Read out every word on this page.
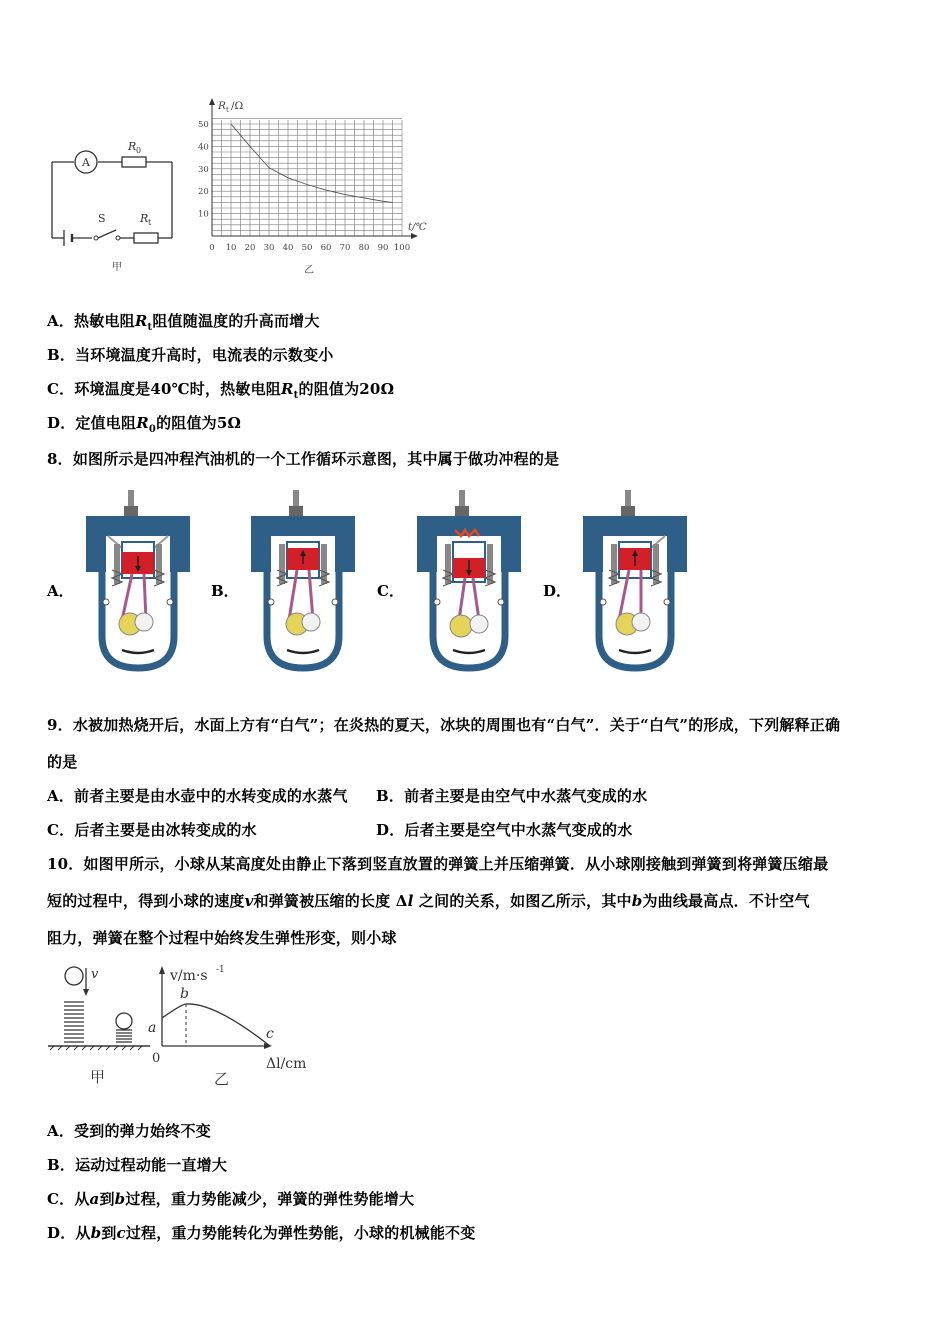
A
R 0
S	R t
甲
10
20
30
40
50
0 10 20 30 40 50 60 70 80 90 100
R t /Ω
t/℃
乙
A．热敏电阻$R_t$阻值随温度的升高而增大
B．当环境温度升高时，电流表的示数变小
C．环境温度是40℃时，热敏电阻$R_t$的阻值为20Ω
D．定值电阻$R_0$的阻值为5Ω
8．如图所示是四冲程汽油机的一个工作循环示意图，其中属于做功冲程的是
A．	B．	C．	D．
9．水被加热烧开后，水面上方有“白气”；在炎热的夏天，冰块的周围也有“白气”．关于“白气”的形成，下列解释正确
的是
A．前者主要是由水壶中的水转变成的水蒸气 B．前者主要是由空气中水蒸气变成的水
C．后者主要是由冰转变成的水	D．后者主要是空气中水蒸气变成的水
10．如图甲所示，小球从某高度处由静止下落到竖直放置的弹簧上并压缩弹簧．从小球刚接触到弹簧到将弹簧压缩最
短的过程中，得到小球的速度v和弹簧被压缩的长度 Δl 之间的关系，如图乙所示，其中b为曲线最高点．不计空气
阻力，弹簧在整个过程中始终发生弹性形变，则小球
v
甲
v/m·s -1
a
b
c
0	Δl/cm
乙
A．受到的弹力始终不变
B．运动过程动能一直增大
C．从a到b过程，重力势能减少，弹簧的弹性势能增大
D．从b到c过程，重力势能转化为弹性势能，小球的机械能不变
